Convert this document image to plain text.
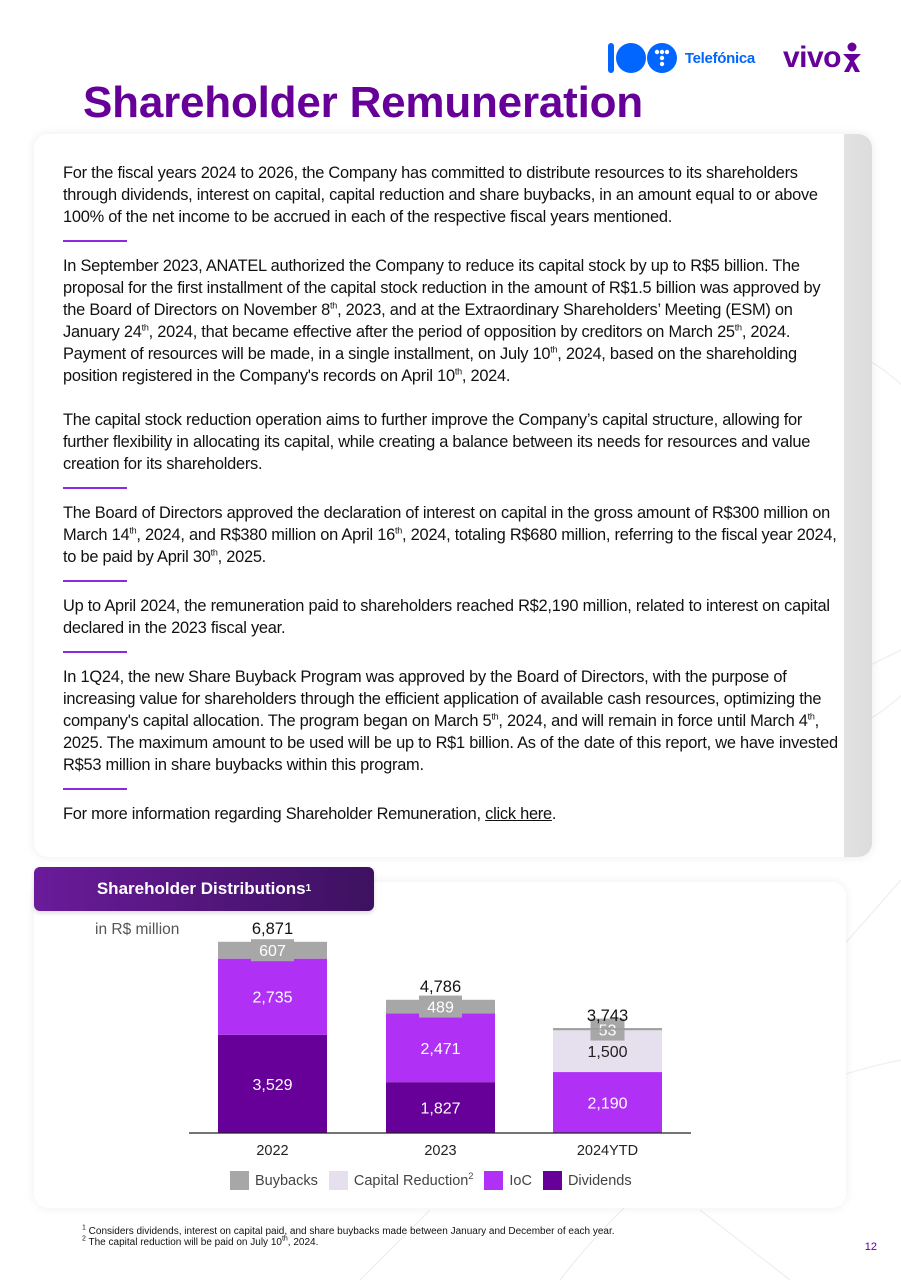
Telefónica vivo
Shareholder Remuneration

For the fiscal years 2024 to 2026, the Company has committed to distribute resources to its shareholders through dividends, interest on capital, capital reduction and share buybacks, in an amount equal to or above 100% of the net income to be accrued in each of the respective fiscal years mentioned.

In September 2023, ANATEL authorized the Company to reduce its capital stock by up to R$5 billion. The proposal for the first installment of the capital stock reduction in the amount of R$1.5 billion was approved by the Board of Directors on November 8th, 2023, and at the Extraordinary Shareholders’ Meeting (ESM) on January 24th, 2024, that became effective after the period of opposition by creditors on March 25th, 2024. Payment of resources will be made, in a single installment, on July 10th, 2024, based on the shareholding position registered in the Company's records on April 10th, 2024.

The capital stock reduction operation aims to further improve the Company’s capital structure, allowing for further flexibility in allocating its capital, while creating a balance between its needs for resources and value creation for its shareholders.

The Board of Directors approved the declaration of interest on capital in the gross amount of R$300 million on March 14th, 2024, and R$380 million on April 16th, 2024, totaling R$680 million, referring to the fiscal year 2024, to be paid by April 30th, 2025.

Up to April 2024, the remuneration paid to shareholders reached R$2,190 million, related to interest on capital declared in the 2023 fiscal year.

In 1Q24, the new Share Buyback Program was approved by the Board of Directors, with the purpose of increasing value for shareholders through the efficient application of available cash resources, optimizing the company's capital allocation. The program began on March 5th, 2024, and will remain in force until March 4th, 2025. The maximum amount to be used will be up to R$1 billion. As of the date of this report, we have invested R$53 million in share buybacks within this program.

For more information regarding Shareholder Remuneration, click here.

Shareholder Distributions 1
in R$ million
3,529
2,735
607
6,871
2022
1,827
2,471
489
4,786
2023
2,190
1,500
53
3,743
2024YTD
Buybacks Capital Reduction$^2$ IoC Dividends
$^1$ Considers dividends, interest on capital paid, and share buybacks made between January and December of each year.
$^2$ The capital reduction will be paid on July 10th, 2024.	12
